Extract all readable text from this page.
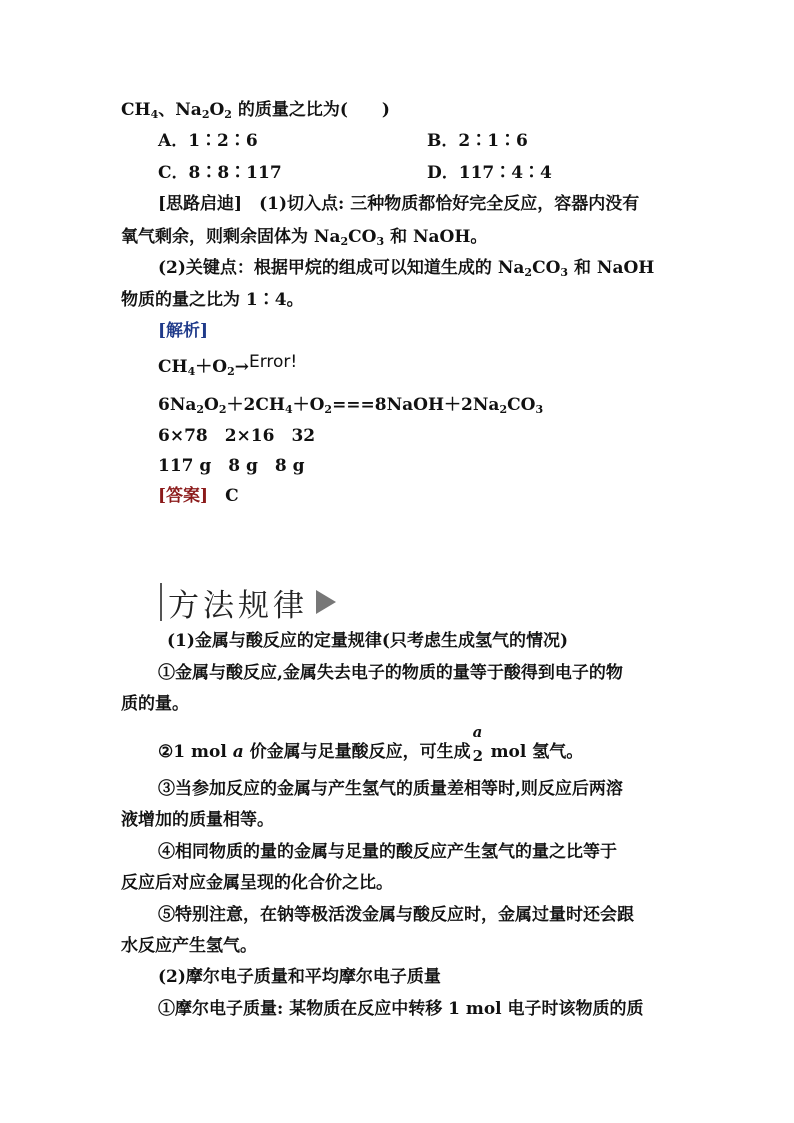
$CH_4$、$Na_2O_2$ 的质量之比为(　　)
A．1∶2∶6	B．2∶1∶6
C．8∶8∶117	D．117∶4∶4
[思路启迪]　 (1)切入点: 三种物质都恰好完全反应，容器内没有
氧气剩余，则剩余固体为 $Na_2CO_3$ 和 NaOH。
(2)关键点：根据甲烷的组成可以知道生成的 $Na_2CO_3$ 和 NaOH
物质的量之比为 1∶4。
[解析]
$CH_4+O_2\to Error$!
$6Na_2O_2+2CH_4+O_2===8NaOH+2Na_2CO_3$
6×78　2×16　32
117 g　8 g　8 g
[答案]　 C
方法规律
(1)金属与酸反应的定量规律(只考虑生成氢气的情况)
①金属与酸反应,金属失去电子的物质的量等于酸得到电子的物
质的量。
②1 mol a 价金属与足量酸反应，可生成
a
2 mol 氢气。
③当参加反应的金属与产生氢气的质量差相等时,则反应后两溶
液增加的质量相等。
④相同物质的量的金属与足量的酸反应产生氢气的量之比等于
反应后对应金属呈现的化合价之比。
⑤特别注意，在钠等极活泼金属与酸反应时，金属过量时还会跟
水反应产生氢气。
(2)摩尔电子质量和平均摩尔电子质量
①摩尔电子质量: 某物质在反应中转移 1 mol 电子时该物质的质
